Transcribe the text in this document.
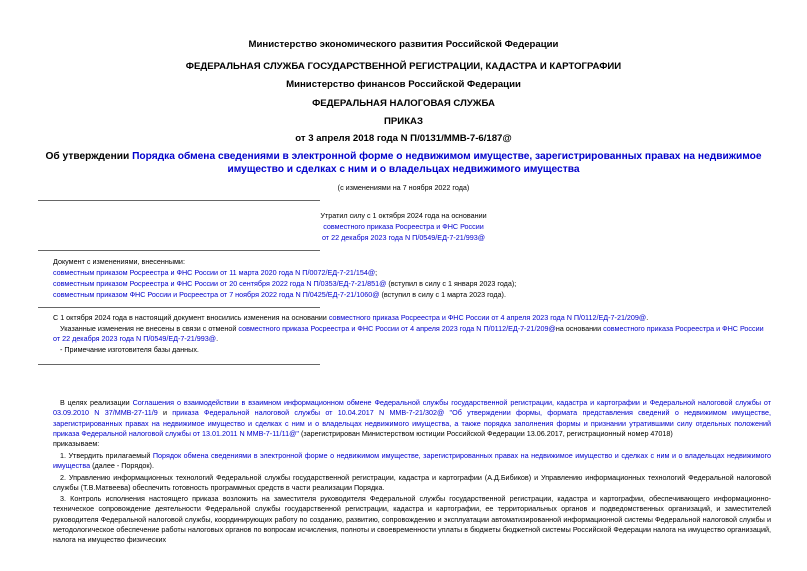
Министерство экономического развития Российской Федерации
ФЕДЕРАЛЬНАЯ СЛУЖБА ГОСУДАРСТВЕННОЙ РЕГИСТРАЦИИ, КАДАСТРА И КАРТОГРАФИИ
Министерство финансов Российской Федерации
ФЕДЕРАЛЬНАЯ НАЛОГОВАЯ СЛУЖБА
ПРИКАЗ
от 3 апреля 2018 года N П/0131/ММВ-7-6/187@
Об утверждении Порядка обмена сведениями в электронной форме о недвижимом имуществе, зарегистрированных правах на недвижимое имущество и сделках с ним и о владельцах недвижимого имущества
(с изменениями на 7 ноября 2022 года)
Утратил силу с 1 октября 2024 года на основании
совместного приказа Росреестра и ФНС России
от 22 декабря 2023 года N П/0549/ЕД-7-21/993@
Документ с изменениями, внесенными:
совместным приказом Росреестра и ФНС России от 11 марта 2020 года N П/0072/ЕД-7-21/154@;
совместным приказом Росреестра и ФНС России от 20 сентября 2022 года N П/0353/ЕД-7-21/851@ (вступил в силу с 1 января 2023 года);
совместным приказом ФНС России и Росреестра от 7 ноября 2022 года N П/0425/ЕД-7-21/1060@ (вступил в силу с 1 марта 2023 года).
С 1 октября 2024 года в настоящий документ вносились изменения на основании совместного приказа Росреестра и ФНС России от 4 апреля 2023 года N П/0112/ЕД-7-21/209@.
Указанные изменения не внесены в связи с отменой совместного приказа Росреестра и ФНС России от 4 апреля 2023 года N П/0112/ЕД-7-21/209@на основании совместного приказа Росреестра и ФНС России от 22 декабря 2023 года N П/0549/ЕД-7-21/993@.
- Примечание изготовителя базы данных.
В целях реализации Соглашения о взаимодействии в взаимном информационном обмене Федеральной службы государственной регистрации, кадастра и картографии и Федеральной налоговой службы от 03.09.2010 N 37/ММВ-27-11/9 и приказа Федеральной налоговой службы от 10.04.2017 N ММВ-7-21/302@ "Об утверждении формы, формата представления сведений о недвижимом имуществе, зарегистрированных правах на недвижимое имущество и сделках с ним и о владельцах недвижимого имущества, а также порядка заполнения формы и признании утратившими силу отдельных положений приказа Федеральной налоговой службы от 13.01.2011 N ММВ-7-11/11@" (зарегистрирован Министерством юстиции Российской Федерации 13.06.2017, регистрационный номер 47018)
приказываем:
1. Утвердить прилагаемый Порядок обмена сведениями в электронной форме о недвижимом имуществе, зарегистрированных правах на недвижимое имущество и сделках с ним и о владельцах недвижимого имущества (далее - Порядок).
2. Управлению информационных технологий Федеральной службы государственной регистрации, кадастра и картографии (А.Д.Бибиков) и Управлению информационных технологий Федеральной налоговой службы (Т.В.Матвеева) обеспечить готовность программных средств в части реализации Порядка.
3. Контроль исполнения настоящего приказа возложить на заместителя руководителя Федеральной службы государственной регистрации, кадастра и картографии, обеспечивающего информационно-техническое сопровождение деятельности Федеральной службы государственной регистрации, кадастра и картографии, ее территориальных органов и подведомственных организаций, и заместителей руководителя Федеральной налоговой службы, координирующих работу по созданию, развитию, сопровождению и эксплуатации автоматизированной информационной системы Федеральной налоговой службы и методологическое обеспечение работы налоговых органов по вопросам исчисления, полноты и своевременности уплаты в бюджеты бюджетной системы Российской Федерации налога на имущество организаций, налога на имущество физических
